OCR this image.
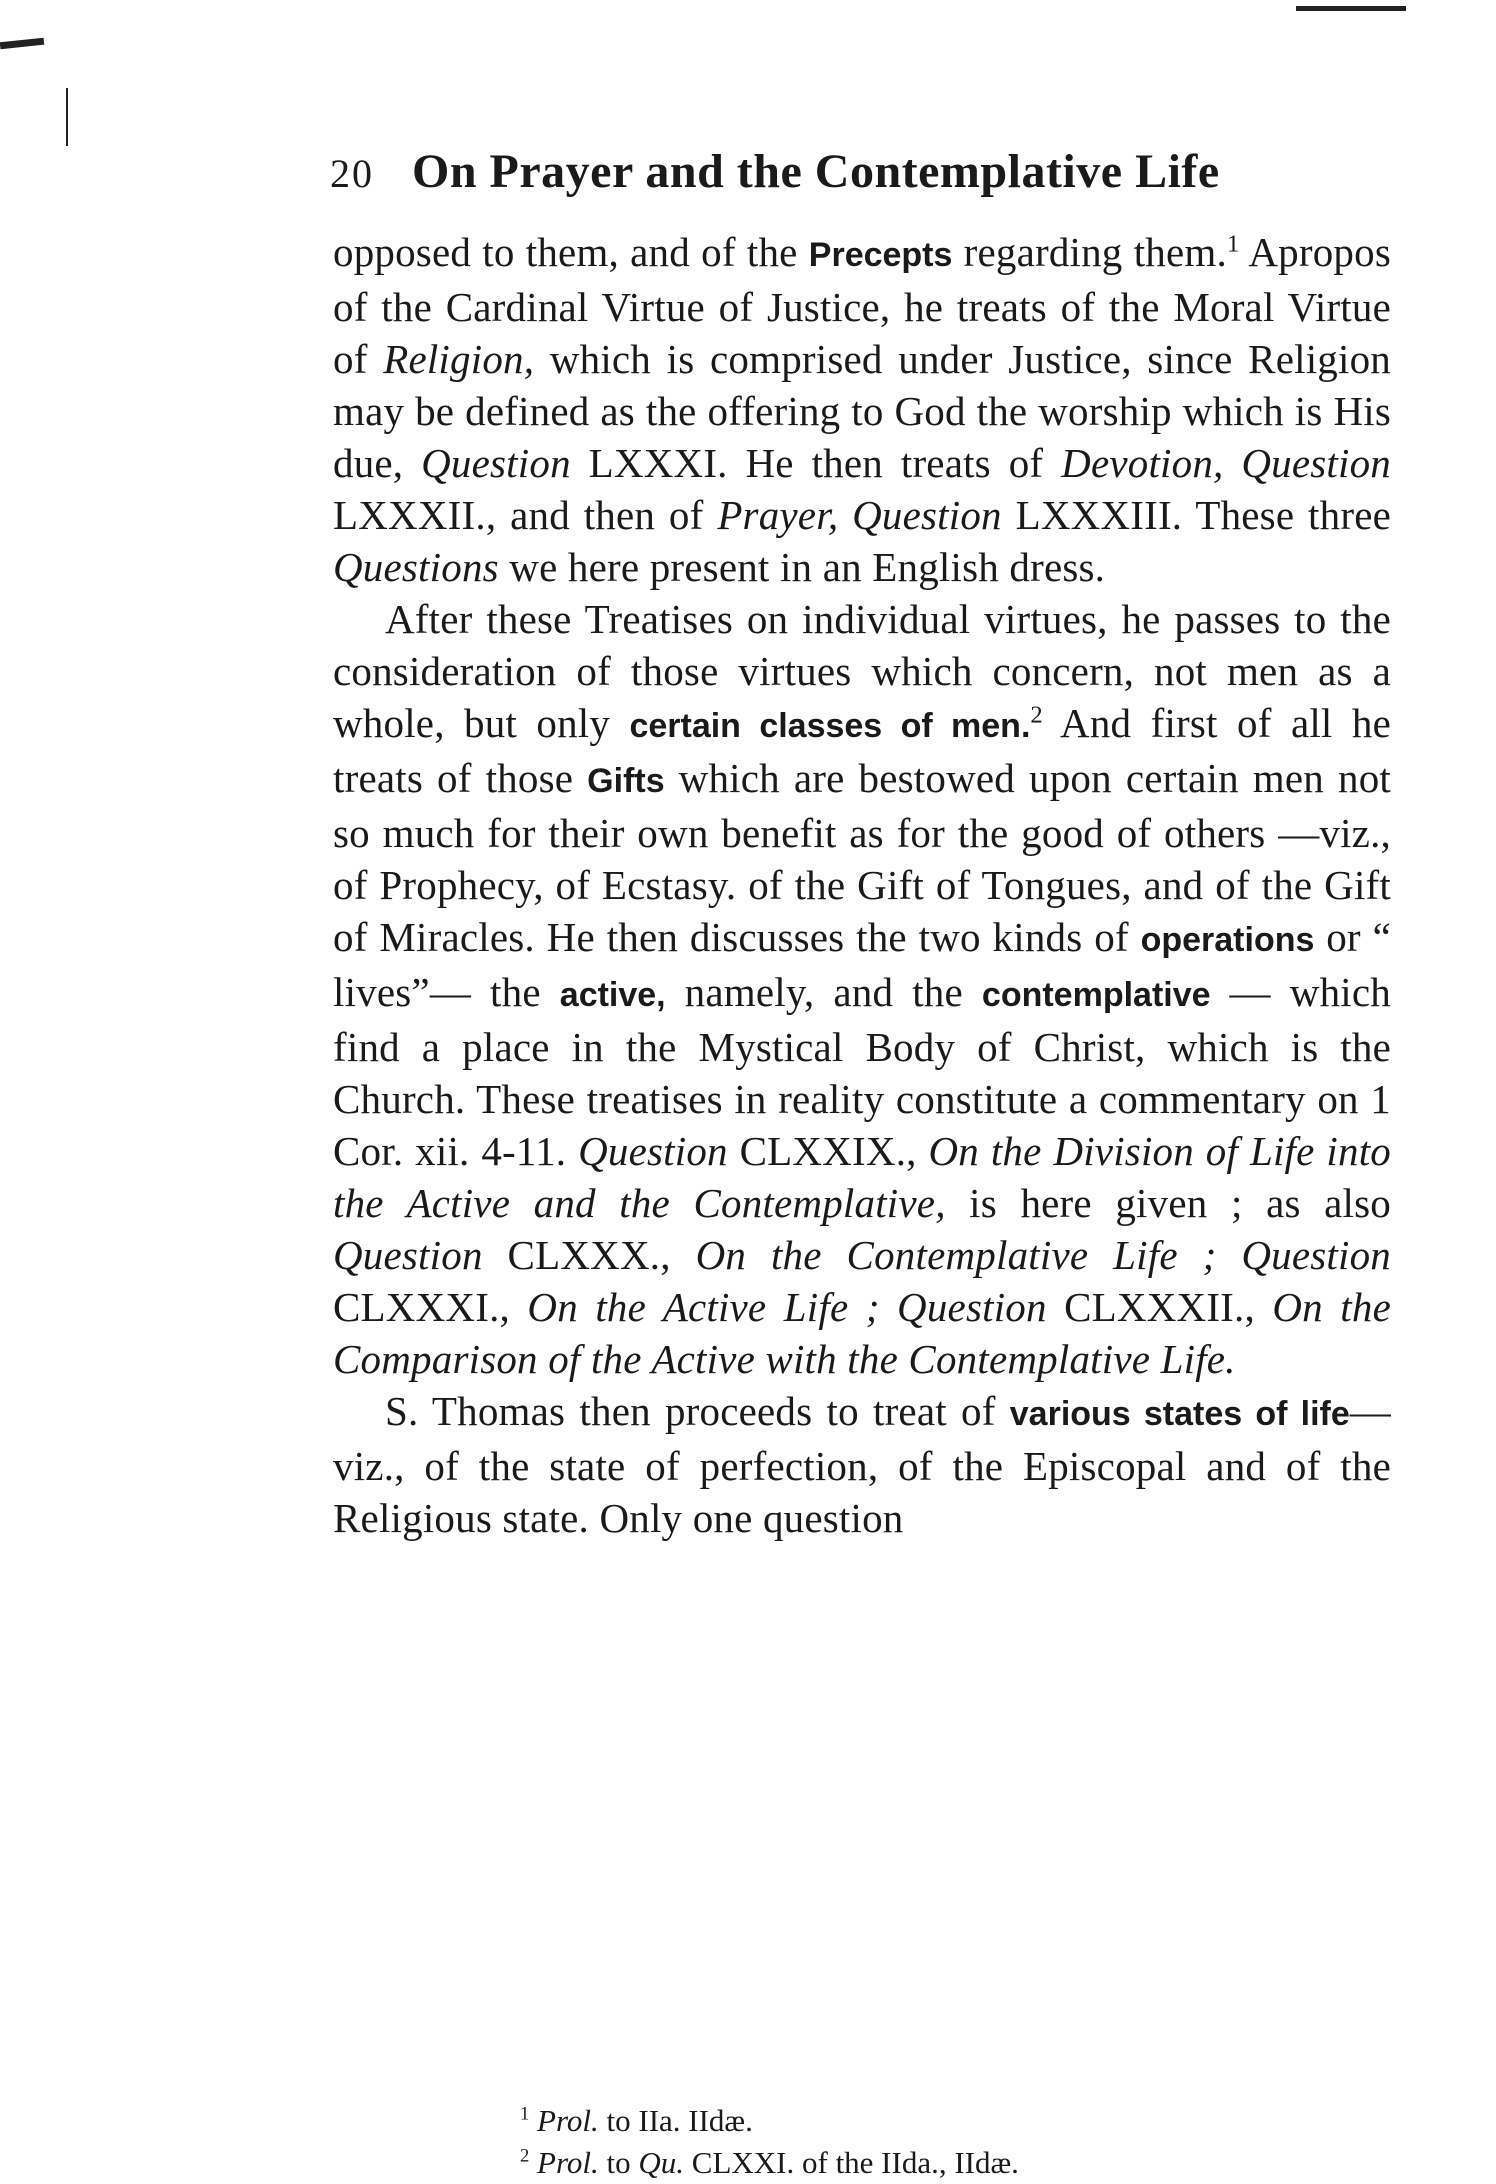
20 On Prayer and the Contemplative Life

opposed to them, and of the Precepts regarding them.$^1$ Apropos of the Cardinal Virtue of Justice, he treats of the Moral Virtue of Religion, which is comprised under Justice, since Religion may be defined as the offering to God the worship which is His due, Question LXXXI. He then treats of Devotion, Question LXXXII., and then of Prayer, Question LXXXIII. These three Questions we here present in an English dress.

After these Treatises on individual virtues, he passes to the consideration of those virtues which concern, not men as a whole, but only certain classes of men.$^2$ And first of all he treats of those Gifts which are bestowed upon certain men not so much for their own benefit as for the good of others —viz., of Prophecy, of Ecstasy. of the Gift of Tongues, and of the Gift of Miracles. He then discusses the two kinds of operations or “ lives”— the active, namely, and the contemplative — which find a place in the Mystical Body of Christ, which is the Church. These treatises in reality constitute a commentary on 1 Cor. xii. 4-11. Question CLXXIX., On the Division of Life into the Active and the Contemplative, is here given ; as also Question CLXXX., On the Contemplative Life ; Question CLXXXI., On the Active Life ; Question CLXXXII., On the Comparison of the Active with the Contemplative Life.

S. Thomas then proceeds to treat of various states of life—viz., of the state of perfection, of the Episcopal and of the Religious state. Only one question

$^1$ Prol. to IIa. IIdæ.
$^2$ Prol. to Qu. CLXXI. of the IIda., IIdæ.
